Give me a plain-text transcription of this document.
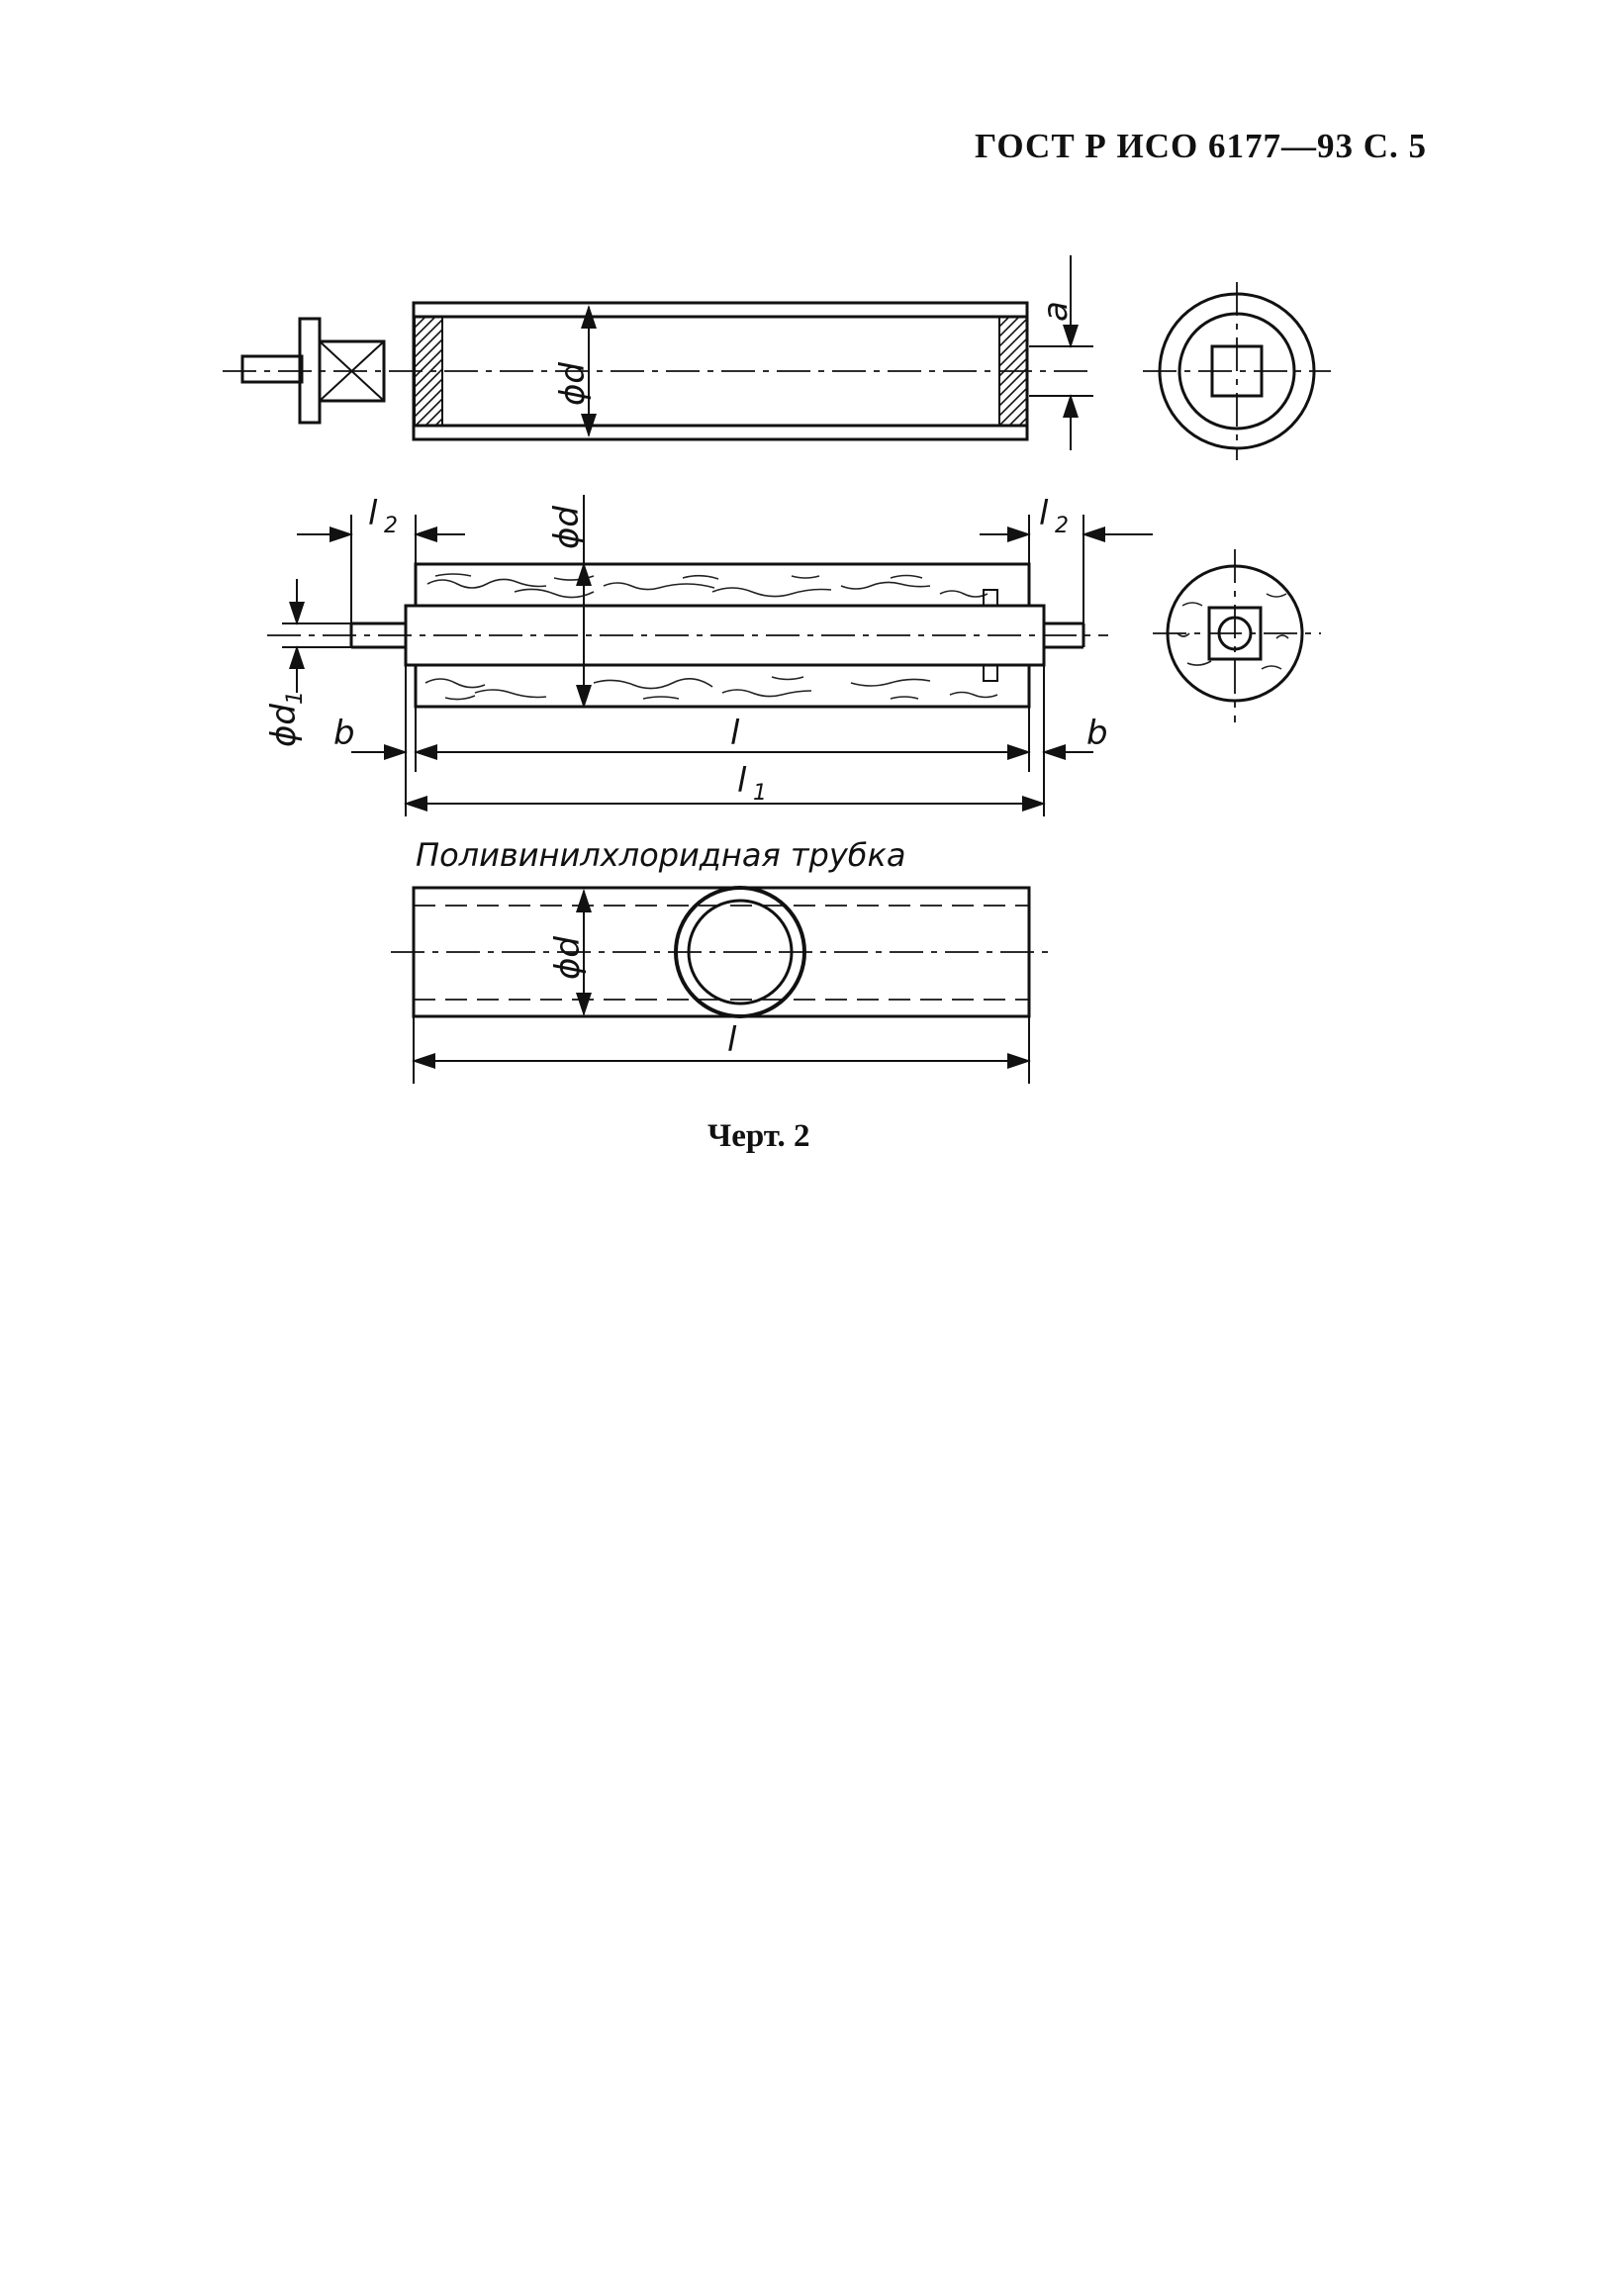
ГОСТ Р ИСО 6177—93 С. 5
ϕd
a
ϕd
l 2	l 2
ϕd
1
b	l	b
l 1
Поливинилхлоридная трубка
ϕd
l
Черт. 2
